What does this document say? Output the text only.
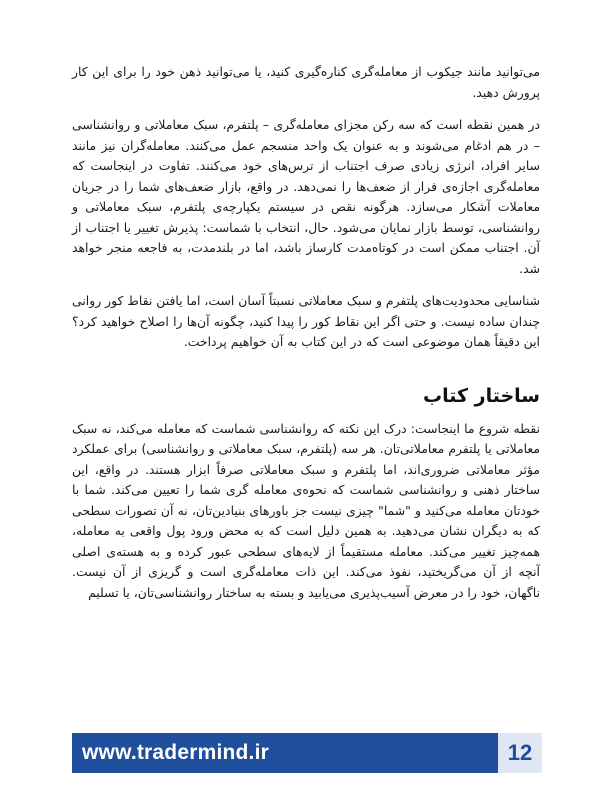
می‌توانید مانند جیکوب از معامله‌گری کناره‌گیری کنید، یا می‌توانید ذهن خود را برای این کار پرورش دهید.

در همین نقطه است که سه رکن مجزای معامله‌گری – پلتفرم، سبک معاملاتی و روانشناسی – در هم ادغام می‌شوند و به عنوان یک واحد منسجم عمل می‌کنند. معامله‌گران نیز مانند سایر افراد، انرژی زیادی صرف اجتناب از ترس‌های خود می‌کنند. تفاوت در اینجاست که معامله‌گری اجازه‌ی فرار از ضعف‌ها را نمی‌دهد. در واقع، بازار ضعف‌های شما را در جریان معاملات آشکار می‌سازد. هرگونه نقص در سیستم یکپارچه‌ی پلتفرم، سبک معاملاتی و روانشناسی، توسط بازار نمایان می‌شود. حال، انتخاب با شماست: پذیرش تغییر یا اجتناب از آن. اجتناب ممکن است در کوتاه‌مدت کارساز باشد، اما در بلندمدت، به فاجعه منجر خواهد شد.

شناسایی محدودیت‌های پلتفرم و سبک معاملاتی نسبتاً آسان است، اما یافتن نقاط کور روانی چندان ساده نیست. و حتی اگر این نقاط کور را پیدا کنید، چگونه آن‌ها را اصلاح خواهید کرد؟ این دقیقاً همان موضوعی است که در این کتاب به آن خواهیم پرداخت.

ساختار کتاب

نقطه شروع ما اینجاست: درک این نکته که روانشناسی شماست که معامله می‌کند، نه سبک معاملاتی یا پلتفرم معاملاتی‌تان. هر سه (پلتفرم، سبک معاملاتی و روانشناسی) برای عملکرد مؤثر معاملاتی ضروری‌اند، اما پلتفرم و سبک معاملاتی صرفاً ابزار هستند. در واقع، این ساختار ذهنی و روانشناسی شماست که نحوه‌ی معامله گری شما را تعیین می‌کند. شما با خودتان معامله می‌کنید و "شما" چیزی نیست جز باورهای بنیادین‌تان، نه آن تصورات سطحی که به دیگران نشان می‌دهید. به همین دلیل است که به محض ورود پول واقعی به معامله، همه‌چیز تغییر می‌کند. معامله مستقیماً از لایه‌های سطحی عبور کرده و به هسته‌ی اصلی آنچه از آن می‌گریختید، نفوذ می‌کند. این ذات معامله‌گری است و گریزی از آن نیست. ناگهان، خود را در معرض آسیب‌پذیری می‌یابید و بسته به ساختار روانشناسی‌تان، یا تسلیم

www.tradermind.ir	12
